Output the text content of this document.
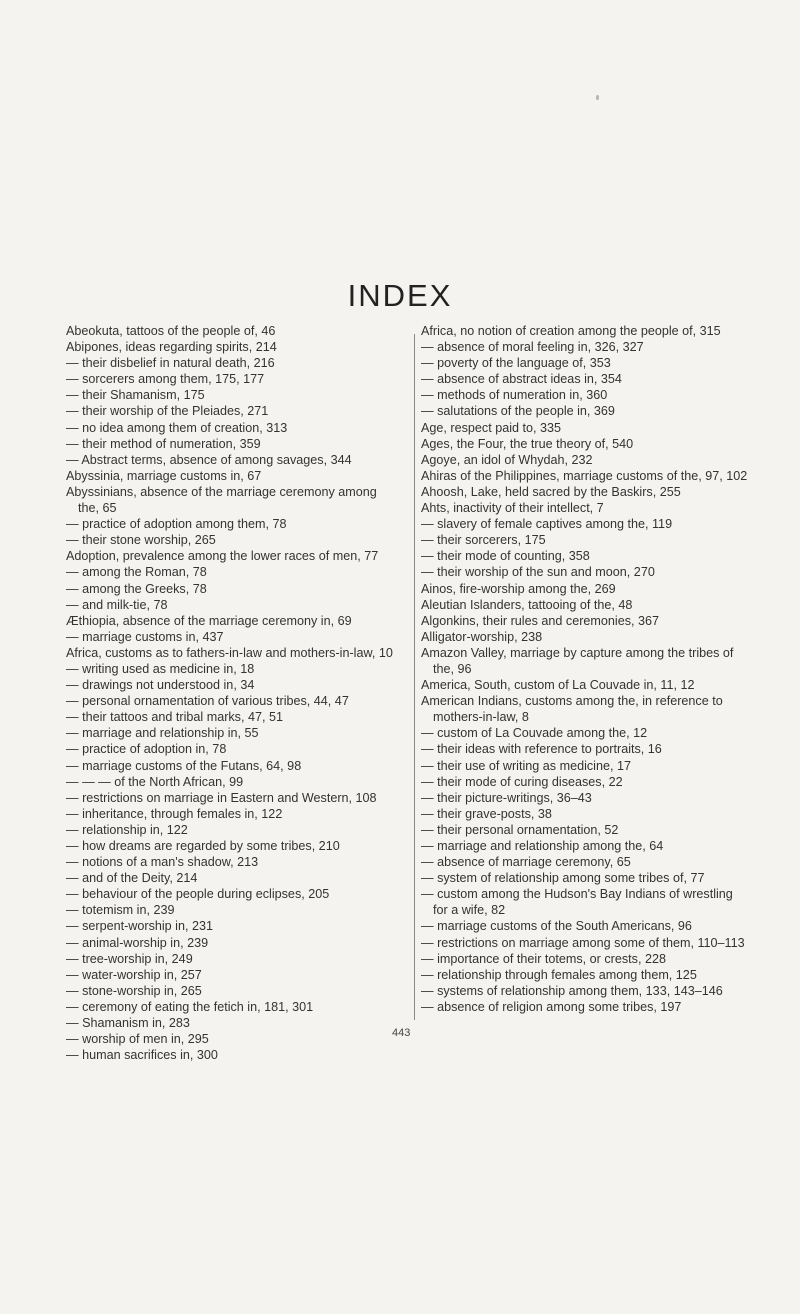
INDEX

Abeokuta, tattoos of the people of, 46

Abipones, ideas regarding spirits, 214

— their disbelief in natural death, 216

— sorcerers among them, 175, 177

— their Shamanism, 175

— their worship of the Pleiades, 271

— no idea among them of creation, 313

— their method of numeration, 359

— Abstract terms, absence of among savages, 344

Abyssinia, marriage customs in, 67

Abyssinians, absence of the marriage ceremony among the, 65

— practice of adoption among them, 78

— their stone worship, 265

Adoption, prevalence among the lower races of men, 77

— among the Roman, 78

— among the Greeks, 78

— and milk-tie, 78

Æthiopia, absence of the marriage ceremony in, 69

— marriage customs in, 437

Africa, customs as to fathers-in-law and mothers-in-law, 10

— writing used as medicine in, 18

— drawings not understood in, 34

— personal ornamentation of various tribes, 44, 47

— their tattoos and tribal marks, 47, 51

— marriage and relationship in, 55

— practice of adoption in, 78

— marriage customs of the Futans, 64, 98

— — — of the North African, 99

— restrictions on marriage in Eastern and Western, 108

— inheritance, through females in, 122

— relationship in, 122

— how dreams are regarded by some tribes, 210

— notions of a man's shadow, 213

— and of the Deity, 214

— behaviour of the people during eclipses, 205

— totemism in, 239

— serpent-worship in, 231

— animal-worship in, 239

— tree-worship in, 249

— water-worship in, 257

— stone-worship in, 265

— ceremony of eating the fetich in, 181, 301

— Shamanism in, 283

— worship of men in, 295

— human sacrifices in, 300

Africa, no notion of creation among the people of, 315

— absence of moral feeling in, 326, 327

— poverty of the language of, 353

— absence of abstract ideas in, 354

— methods of numeration in, 360

— salutations of the people in, 369

Age, respect paid to, 335

Ages, the Four, the true theory of, 540

Agoye, an idol of Whydah, 232

Ahiras of the Philippines, marriage customs of the, 97, 102

Ahoosh, Lake, held sacred by the Baskirs, 255

Ahts, inactivity of their intellect, 7

— slavery of female captives among the, 119

— their sorcerers, 175

— their mode of counting, 358

— their worship of the sun and moon, 270

Ainos, fire-worship among the, 269

Aleutian Islanders, tattooing of the, 48

Algonkins, their rules and ceremonies, 367

Alligator-worship, 238

Amazon Valley, marriage by capture among the tribes of the, 96

America, South, custom of La Couvade in, 11, 12

American Indians, customs among the, in reference to mothers-in-law, 8

— custom of La Couvade among the, 12

— their ideas with reference to portraits, 16

— their use of writing as medicine, 17

— their mode of curing diseases, 22

— their picture-writings, 36–43

— their grave-posts, 38

— their personal ornamentation, 52

— marriage and relationship among the, 64

— absence of marriage ceremony, 65

— system of relationship among some tribes of, 77

— custom among the Hudson's Bay Indians of wrestling for a wife, 82

— marriage customs of the South Americans, 96

— restrictions on marriage among some of them, 110–113

— importance of their totems, or crests, 228

— relationship through females among them, 125

— systems of relationship among them, 133, 143–146

— absence of religion among some tribes, 197

443
